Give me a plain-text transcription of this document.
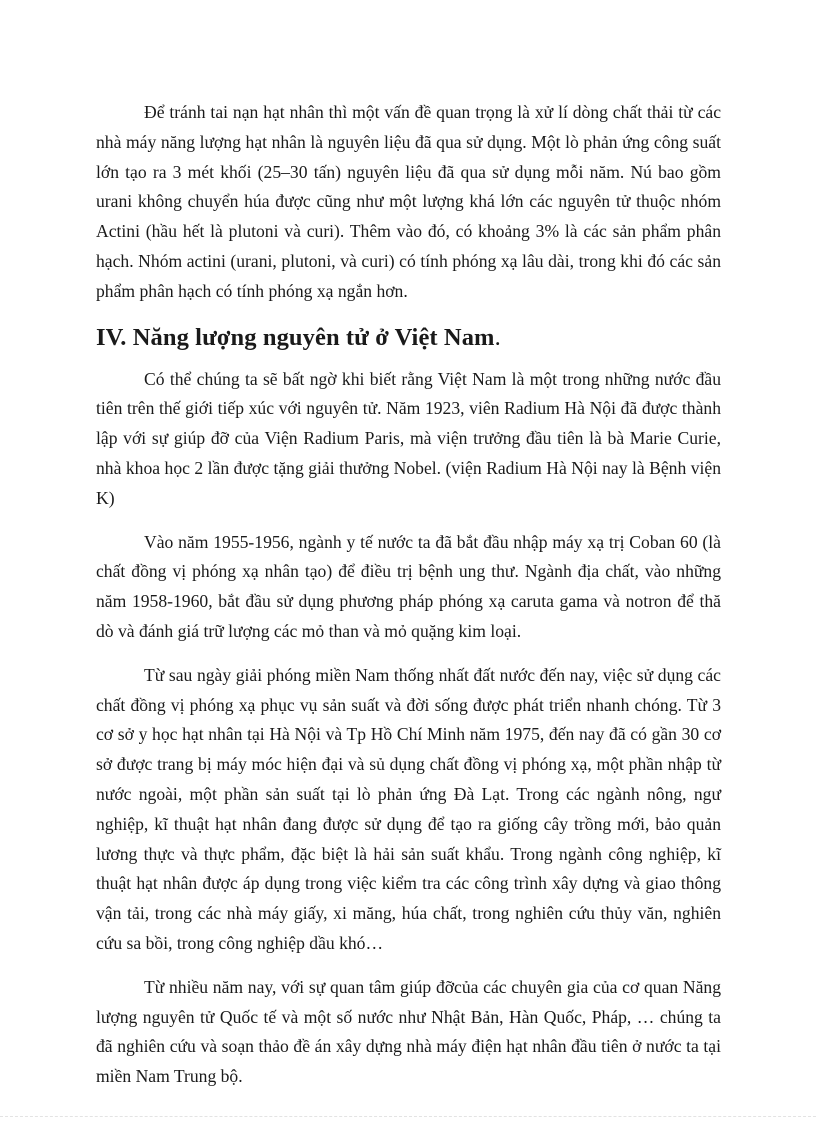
Để tránh tai nạn hạt nhân thì một vấn đề quan trọng là xử lí dòng chất thải từ các nhà máy năng lượng hạt nhân là nguyên liệu đã qua sử dụng. Một lò phản ứng công suất lớn tạo ra 3 mét khối (25–30 tấn) nguyên liệu đã qua sử dụng mỗi năm. Nú bao gồm urani không chuyển húa được cũng như một lượng khá lớn các nguyên tử thuộc nhóm Actini (hầu hết là plutoni và curi). Thêm vào đó, có khoảng 3% là các sản phẩm phân hạch. Nhóm actini (urani, plutoni, và curi) có tính phóng xạ lâu dài, trong khi đó các sản phẩm phân hạch có tính phóng xạ ngắn hơn.

IV. Năng lượng nguyên tử ở Việt Nam.

Có thể chúng ta sẽ bất ngờ khi biết rằng Việt Nam là một trong những nước đầu tiên trên thế giới tiếp xúc với nguyên tử. Năm 1923, viên Radium Hà Nội đã được thành lập với sự giúp đỡ của Viện Radium Paris, mà viện trưởng đầu tiên là bà Marie Curie, nhà khoa học 2 lần được tặng giải thưởng Nobel. (viện Radium Hà Nội nay là Bệnh viện K)

Vào năm 1955-1956, ngành y tế nước ta đã bắt đầu nhập máy xạ trị Coban 60 (là chất đồng vị phóng xạ nhân tạo) để điều trị bệnh ung thư. Ngành địa chất, vào những năm 1958-1960, bắt đầu sử dụng phương pháp phóng xạ caruta gama và notron để thă dò và đánh giá trữ lượng các mỏ than và mỏ quặng kim loại.

Từ sau ngày giải phóng miền Nam thống nhất đất nước đến nay, việc sử dụng các chất đồng vị phóng xạ phục vụ sản suất và đời sống được phát triển nhanh chóng. Từ 3 cơ sở y học hạt nhân tại Hà Nội và Tp Hồ Chí Minh năm 1975, đến nay đã có gần 30 cơ sở được trang bị máy móc hiện đại và sủ dụng chất đồng vị phóng xạ, một phần nhập từ nước ngoài, một phần sản suất tại lò phản ứng Đà Lạt. Trong các ngành nông, ngư nghiệp, kĩ thuật hạt nhân đang được sử dụng để tạo ra giống cây trồng mới, bảo quản lương thực và thực phẩm, đặc biệt là hải sản suất khẩu. Trong ngành công nghiệp, kĩ thuật hạt nhân được áp dụng trong việc kiểm tra các công trình xây dựng và giao thông vận tải, trong các nhà máy giấy, xi măng, húa chất, trong nghiên cứu thủy văn, nghiên cứu sa bồi, trong công nghiệp dầu khó…

Từ nhiều năm nay, với sự quan tâm giúp đỡcủa các chuyên gia của cơ quan Năng lượng nguyên tử Quốc tế và một số nước như Nhật Bản, Hàn Quốc, Pháp, … chúng ta đã nghiên cứu và soạn thảo đề án xây dựng nhà máy điện hạt nhân đầu tiên ở nước ta tại miền Nam Trung bộ.
